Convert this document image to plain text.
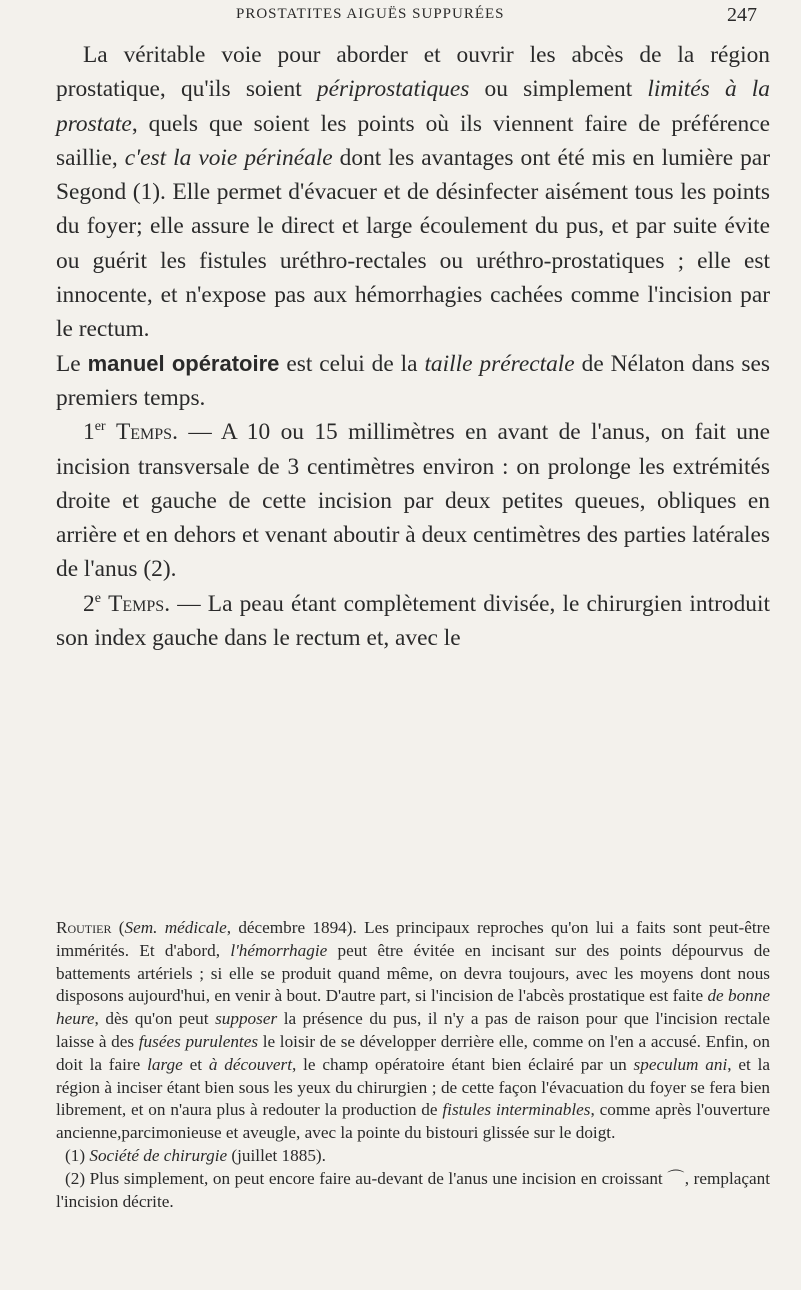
PROSTATITES AIGUËS SUPPURÉES	247

La véritable voie pour aborder et ouvrir les abcès de la région prostatique, qu'ils soient périprostatiques ou simplement limités à la prostate, quels que soient les points où ils viennent faire de préférence saillie, c'est la voie périnéale dont les avantages ont été mis en lumière par Segond (1). Elle permet d'évacuer et de désinfecter aisément tous les points du foyer; elle assure le direct et large écoulement du pus, et par suite évite ou guérit les fistules uréthro-rectales ou uréthro-prostatiques ; elle est innocente, et n'expose pas aux hémorrhagies cachées comme l'incision par le rectum.

Le manuel opératoire est celui de la taille prérectale de Nélaton dans ses premiers temps.

1er Temps. — A 10 ou 15 millimètres en avant de l'anus, on fait une incision transversale de 3 centimètres environ : on prolonge les extrémités droite et gauche de cette incision par deux petites queues, obliques en arrière et en dehors et venant aboutir à deux centimètres des parties latérales de l'anus (2).

2e Temps. — La peau étant complètement divisée, le chirurgien introduit son index gauche dans le rectum et, avec le

Routier (Sem. médicale, décembre 1894). Les principaux reproches qu'on lui a faits sont peut-être immérités. Et d'abord, l'hémorrhagie peut être évitée en incisant sur des points dépourvus de battements artériels ; si elle se produit quand même, on devra toujours, avec les moyens dont nous disposons aujourd'hui, en venir à bout. D'autre part, si l'incision de l'abcès prostatique est faite de bonne heure, dès qu'on peut supposer la présence du pus, il n'y a pas de raison pour que l'incision rectale laisse à des fusées purulentes le loisir de se développer derrière elle, comme on l'en a accusé. Enfin, on doit la faire large et à découvert, le champ opératoire étant bien éclairé par un speculum ani, et la région à inciser étant bien sous les yeux du chirurgien ; de cette façon l'évacuation du foyer se fera bien librement, et on n'aura plus à redouter la production de fistules interminables, comme après l'ouverture ancienne,parcimonieuse et aveugle, avec la pointe du bistouri glissée sur le doigt.

(1) Société de chirurgie (juillet 1885).

(2) Plus simplement, on peut encore faire au-devant de l'anus une incision en croissant ⌒, remplaçant l'incision décrite.
